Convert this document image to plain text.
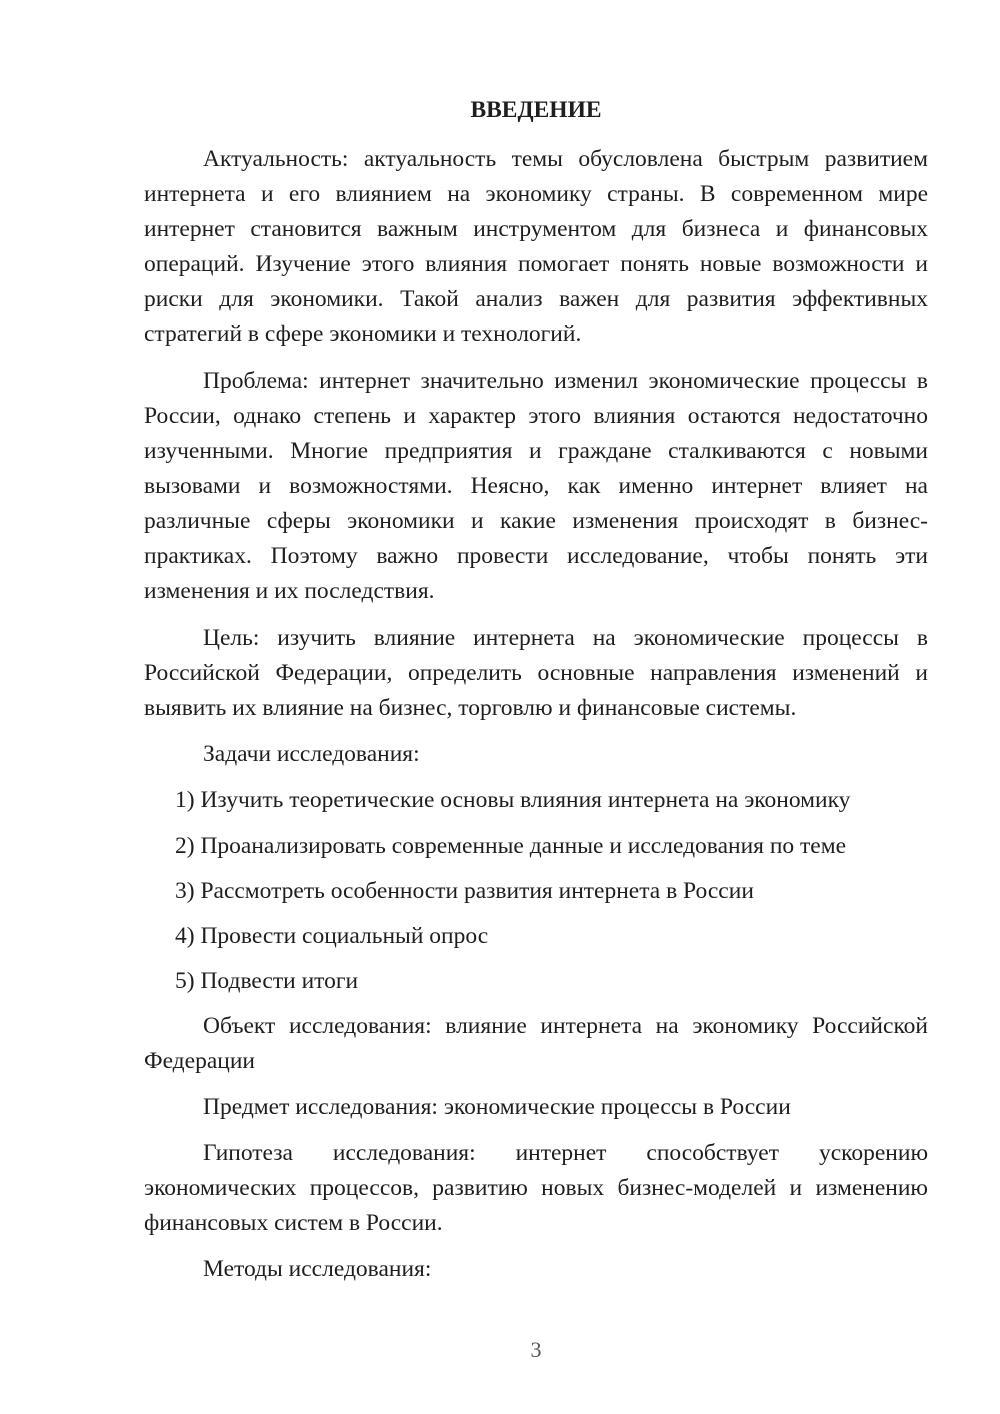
ВВЕДЕНИЕ

Актуальность: актуальность темы обусловлена быстрым развитием интернета и его влиянием на экономику страны. В современном мире интернет становится важным инструментом для бизнеса и финансовых операций. Изучение этого влияния помогает понять новые возможности и риски для экономики. Такой анализ важен для развития эффективных стратегий в сфере экономики и технологий.

Проблема: интернет значительно изменил экономические процессы в России, однако степень и характер этого влияния остаются недостаточно изученными. Многие предприятия и граждане сталкиваются с новыми вызовами и возможностями. Неясно, как именно интернет влияет на различные сферы экономики и какие изменения происходят в бизнес-практиках. Поэтому важно провести исследование, чтобы понять эти изменения и их последствия.

Цель: изучить влияние интернета на экономические процессы в Российской Федерации, определить основные направления изменений и выявить их влияние на бизнес, торговлю и финансовые системы.

Задачи исследования:

1) Изучить теоретические основы влияния интернета на экономику

2) Проанализировать современные данные и исследования по теме

3) Рассмотреть особенности развития интернета в России

4) Провести социальный опрос

5) Подвести итоги

Объект исследования: влияние интернета на экономику Российской Федерации

Предмет исследования: экономические процессы в России

Гипотеза исследования: интернет способствует ускорению экономических процессов, развитию новых бизнес-моделей и изменению финансовых систем в России.

Методы исследования:

3
